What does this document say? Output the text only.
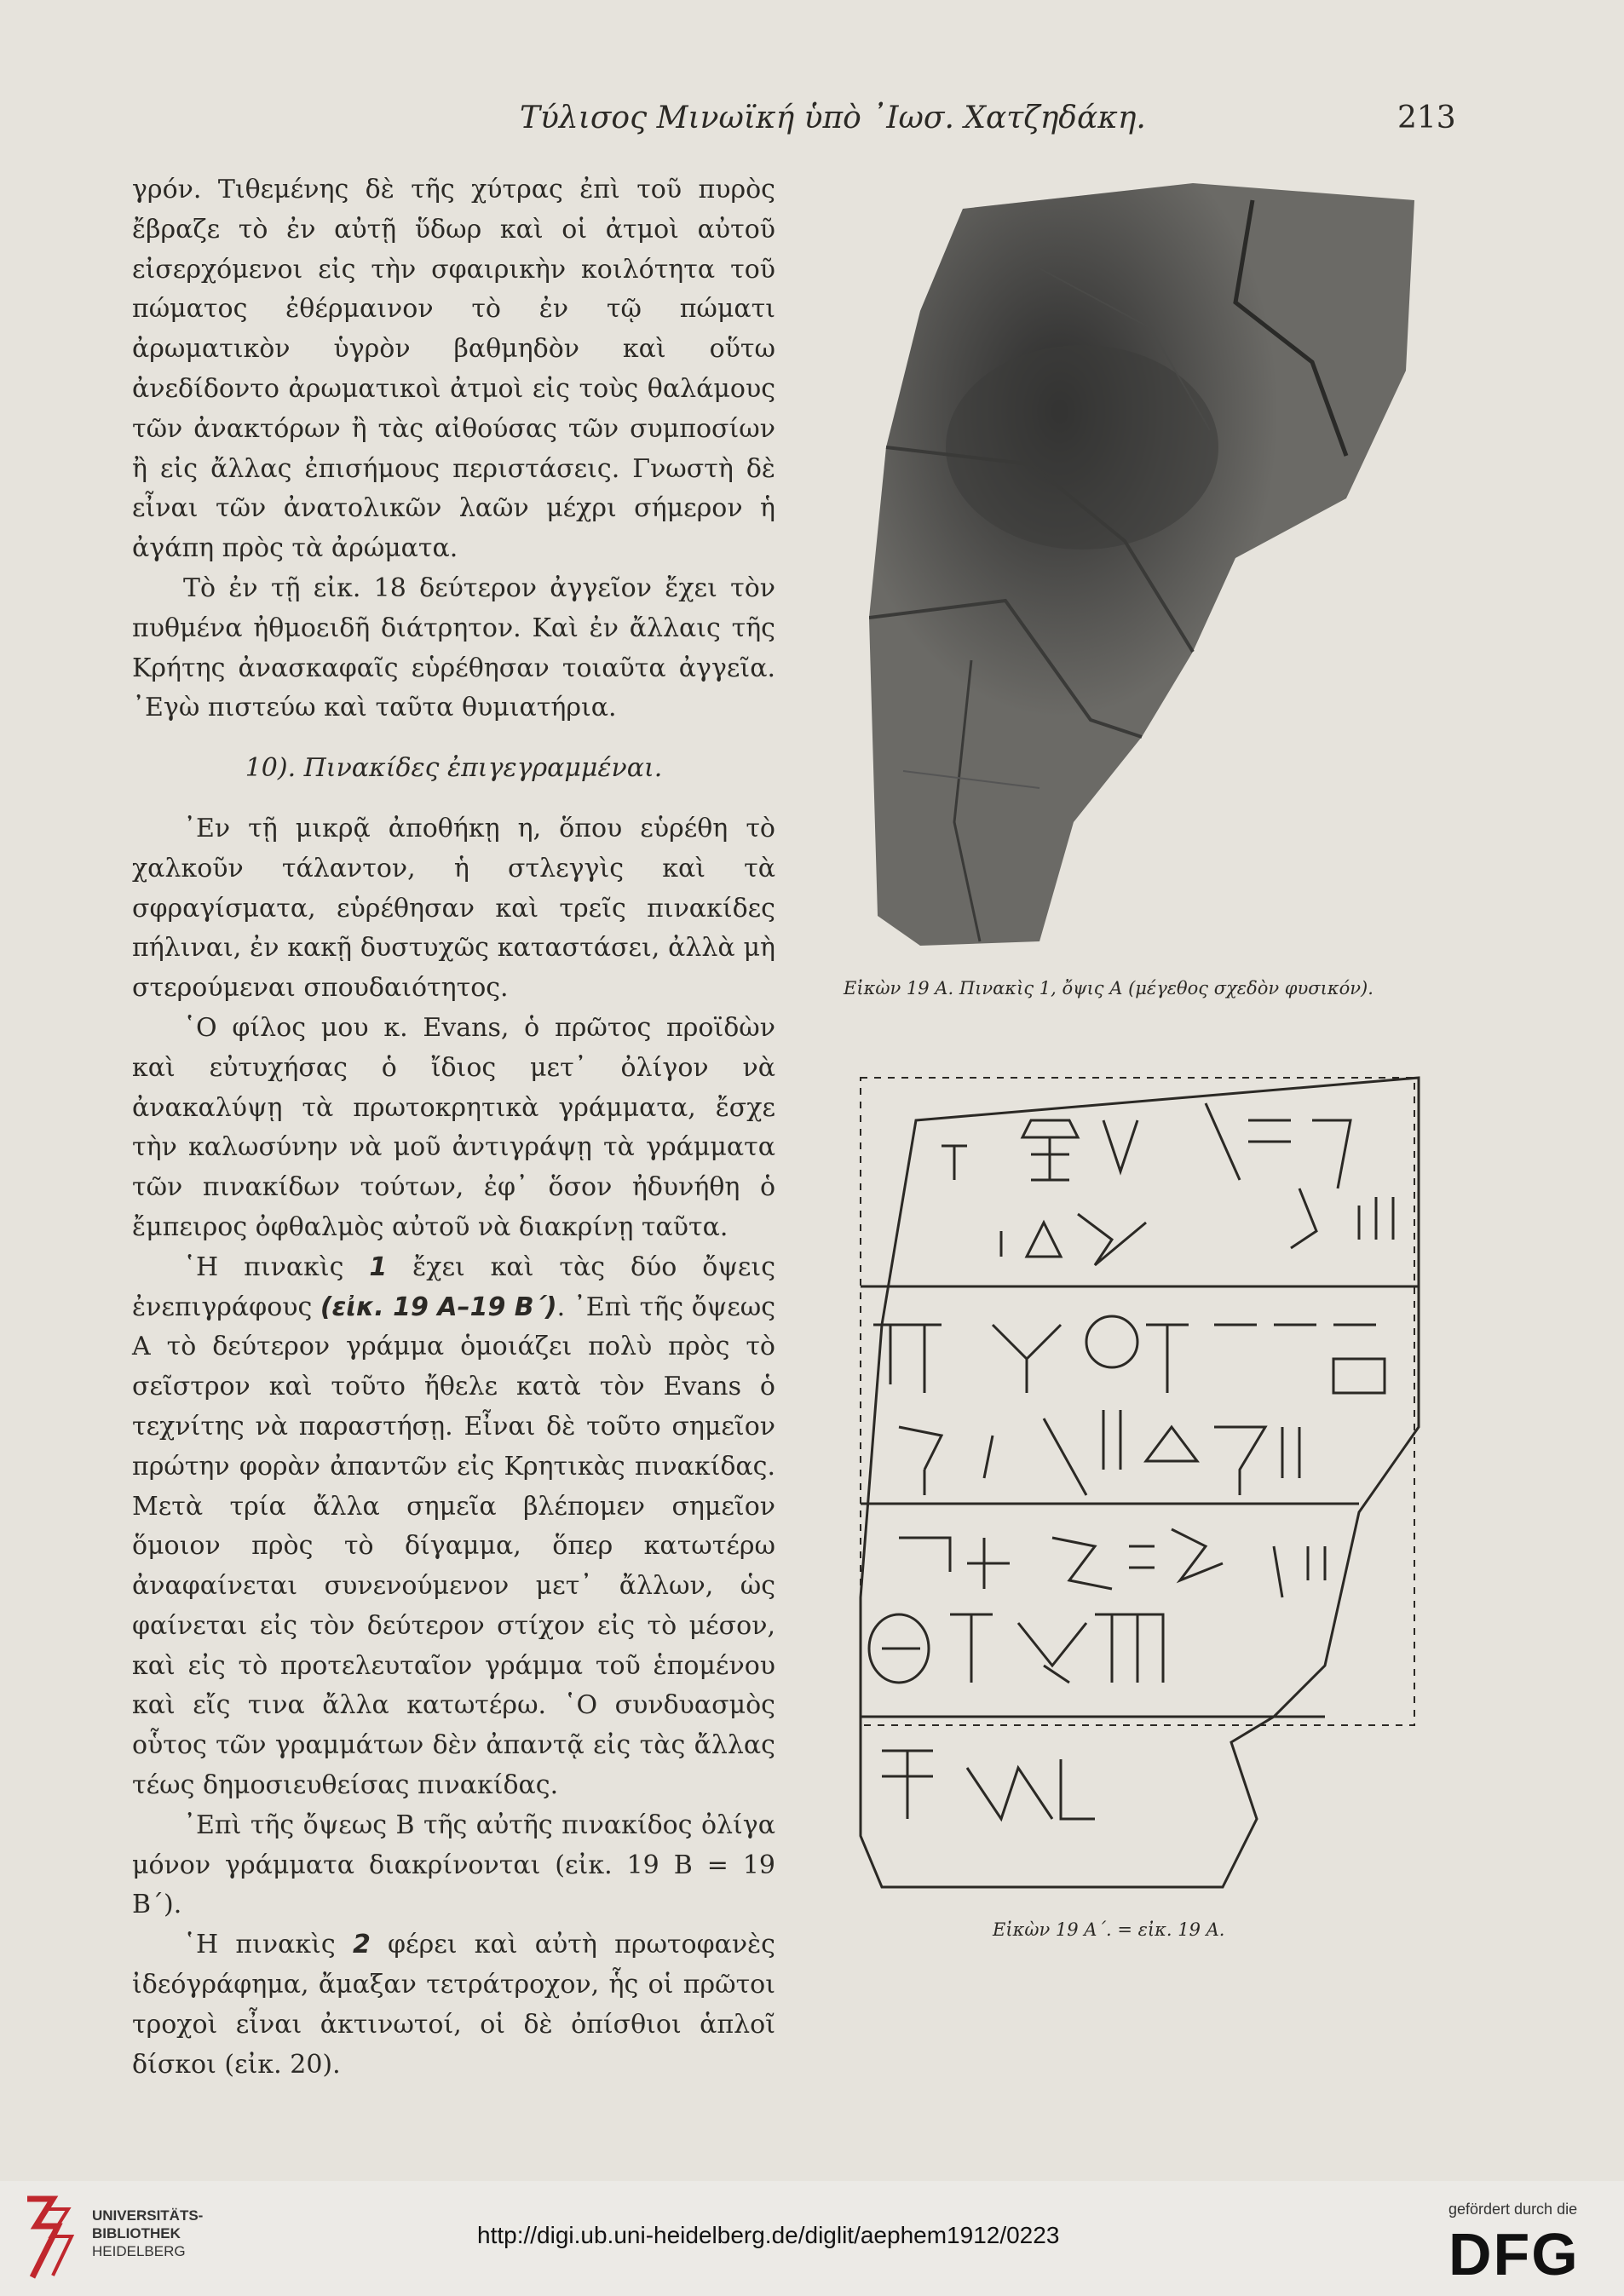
Τύλισος Μινωϊκή ὑπὸ ᾿Ιωσ. Χατζηδάκη.	213

γρόν. Τιθεμένης δὲ τῆς χύτρας ἐπὶ τοῦ πυρὸς ἔβραζε τὸ ἐν αὐτῇ ὕδωρ καὶ οἱ ἀτμοὶ αὐτοῦ εἰσερχόμενοι εἰς τὴν σφαιρικὴν κοιλότητα τοῦ πώματος ἐθέρμαινον τὸ ἐν τῷ πώματι ἀρωματικὸν ὑγρὸν βαθμηδὸν καὶ οὕτω ἀνεδίδοντο ἀρωματικοὶ ἀτμοὶ εἰς τοὺς θαλάμους τῶν ἀνακτόρων ἢ τὰς αἰθούσας τῶν συμποσίων ἢ εἰς ἄλλας ἐπισήμους περιστάσεις. Γνωστὴ δὲ εἶναι τῶν ἀνατολικῶν λαῶν μέχρι σήμερον ἡ ἀγάπη πρὸς τὰ ἀρώματα.

Τὸ ἐν τῇ εἰκ. 18 δεύτερον ἀγγεῖον ἔχει τὸν πυθμένα ἠθμοειδῆ διάτρητον. Καὶ ἐν ἄλλαις τῆς Κρήτης ἀνασκαφαῖς εὑρέθησαν τοιαῦτα ἀγγεῖα. ᾿Εγὼ πιστεύω καὶ ταῦτα θυμιατήρια.

10). Πινακίδες ἐπιγεγραμμέναι.

᾿Εν τῇ μικρᾷ ἀποθήκῃ η, ὅπου εὑρέθη τὸ χαλκοῦν τάλαντον, ἡ στλεγγὶς καὶ τὰ σφραγίσματα, εὑρέθησαν καὶ τρεῖς πινακίδες πήλιναι, ἐν κακῇ δυστυχῶς καταστάσει, ἀλλὰ μὴ στερούμεναι σπουδαιότητος.

῾Ο φίλος μου κ. Evans, ὁ πρῶτος προϊδὼν καὶ εὐτυχήσας ὁ ἴδιος μετ᾿ ὀλίγον νὰ ἀνακαλύψῃ τὰ πρωτοκρητικὰ γράμματα, ἔσχε τὴν καλωσύνην νὰ μοῦ ἀντιγράψῃ τὰ γράμματα τῶν πινακίδων τούτων, ἐφ᾿ ὅσον ἠδυνήθη ὁ ἔμπειρος ὀφθαλμὸς αὐτοῦ νὰ διακρίνῃ ταῦτα.

῾Η πινακὶς 1 ἔχει καὶ τὰς δύο ὄψεις ἐνεπιγράφους (εἰκ. 19 Α–19 Β΄). ᾿Επὶ τῆς ὄψεως Α τὸ δεύτερον γράμμα ὁμοιάζει πολὺ πρὸς τὸ σεῖστρον καὶ τοῦτο ἤθελε κατὰ τὸν Evans ὁ τεχνίτης νὰ παραστήσῃ. Εἶναι δὲ τοῦτο σημεῖον πρώτην φορὰν ἀπαντῶν εἰς Κρητικὰς πινακίδας. Μετὰ τρία ἄλλα σημεῖα βλέπομεν σημεῖον ὅμοιον πρὸς τὸ δίγαμμα, ὅπερ κατωτέρω ἀναφαίνεται συνενούμενον μετ᾿ ἄλλων, ὡς φαίνεται εἰς τὸν δεύτερον στίχον εἰς τὸ μέσον, καὶ εἰς τὸ προτελευταῖον γράμμα τοῦ ἑπομένου καὶ εἴς τινα ἄλλα κατωτέρω. ῾Ο συνδυασμὸς οὗτος τῶν γραμμάτων δὲν ἀπαντᾷ εἰς τὰς ἄλλας τέως δημοσιευθείσας πινακίδας.

᾿Επὶ τῆς ὄψεως Β τῆς αὐτῆς πινακίδος ὀλίγα μόνον γράμματα διακρίνονται (εἰκ. 19 Β = 19 Β΄).

῾Η πινακὶς 2 φέρει καὶ αὐτὴ πρωτοφανὲς ἰδεόγράφημα, ἄμαξαν τετράτροχον, ἧς οἱ πρῶτοι τροχοὶ εἶναι ἀκτινωτοί, οἱ δὲ ὀπίσθιοι ἁπλοῖ δίσκοι (εἰκ. 20).

Εἰκὼν 19 Α. Πινακὶς 1, ὄψις Α (μέγεθος σχεδὸν φυσικόν).
Εἰκὼν 19 Α΄. = εἰκ. 19 Α.
UNIVERSITÄTS-
BIBLIOTHEK
HEIDELBERG
http://digi.ub.uni-heidelberg.de/diglit/aephem1912/0223
gefördert durch die
DFG
